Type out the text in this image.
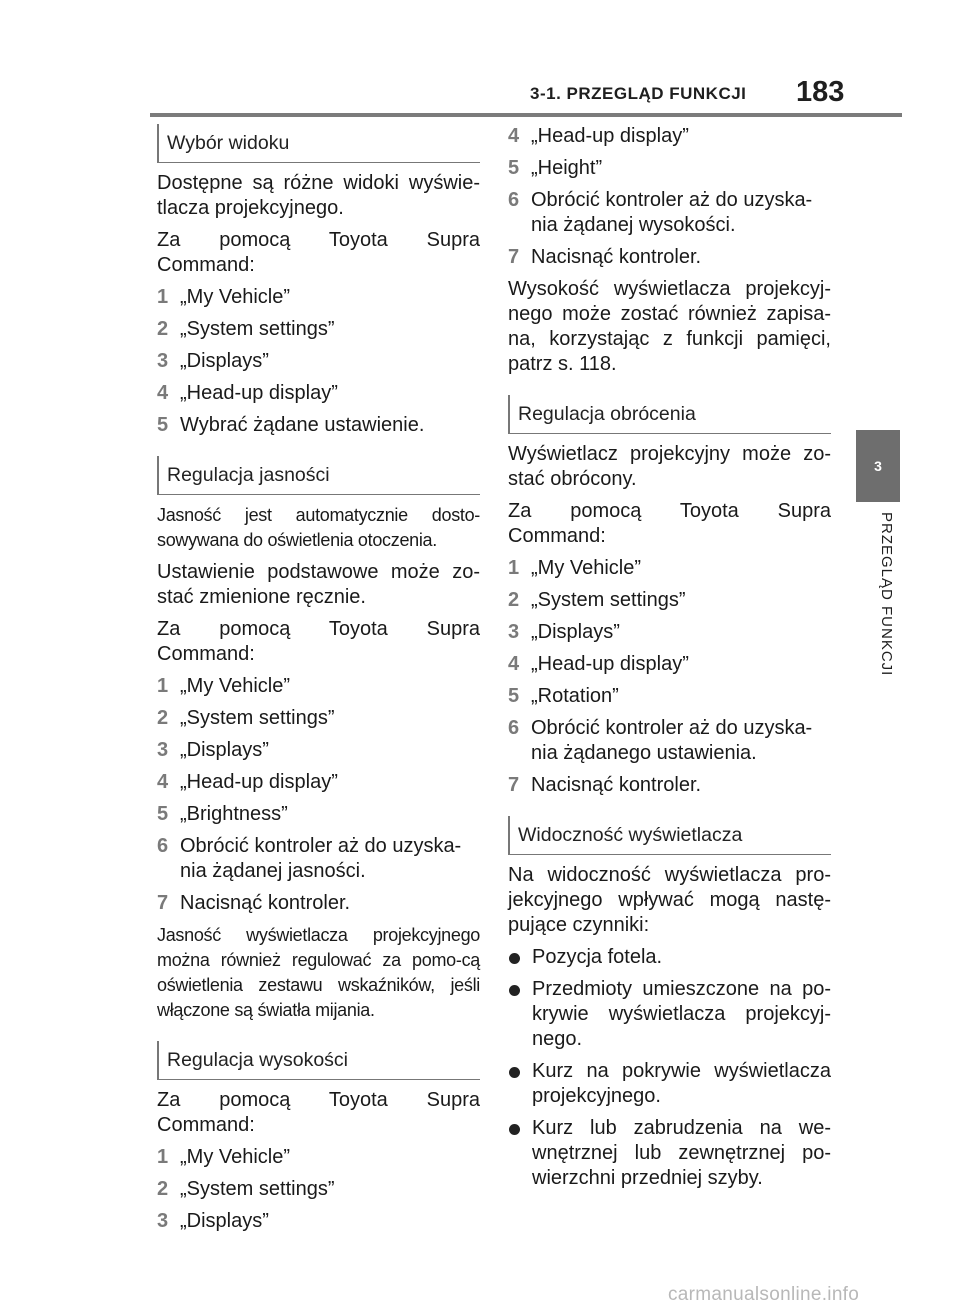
3-1. PRZEGLĄD FUNKCJI 183
3
PRZEGLĄD FUNKCJI
Wybór widoku

Dostępne są różne widoki wyświe-tlacza projekcyjnego.

Za pomocą Toyota Supra Command:

1 „My Vehicle”
2 „System settings”
3 „Displays”
4 „Head-up display”
5 Wybrać żądane ustawienie.
Regulacja jasności

Jasność jest automatycznie dosto-sowywana do oświetlenia otoczenia.

Ustawienie podstawowe może zo-stać zmienione ręcznie.

Za pomocą Toyota Supra Command:

1 „My Vehicle”
2 „System settings”
3 „Displays”
4 „Head-up display”
5 „Brightness”
6 Obrócić kontroler aż do uzyska-nia żądanej jasności.
7 Nacisnąć kontroler.

Jasność wyświetlacza projekcyjnego można również regulować za pomo-cą oświetlenia zestawu wskaźników, jeśli włączone są światła mijania.

Regulacja wysokości

Za pomocą Toyota Supra Command:

1 „My Vehicle”
2 „System settings”
3 „Displays”
4 „Head-up display”
5 „Height”
6 Obrócić kontroler aż do uzyska-nia żądanej wysokości.
7 Nacisnąć kontroler.

Wysokość wyświetlacza projekcyj-nego może zostać również zapisa-na, korzystając z funkcji pamięci, patrz s. 118.

Regulacja obrócenia

Wyświetlacz projekcyjny może zo-stać obrócony.

Za pomocą Toyota Supra Command:

1 „My Vehicle”
2 „System settings”
3 „Displays”
4 „Head-up display”
5 „Rotation”
6 Obrócić kontroler aż do uzyska-nia żądanego ustawienia.
7 Nacisnąć kontroler.
Widoczność wyświetlacza

Na widoczność wyświetlacza pro-jekcyjnego wpływać mogą nastę-pujące czynniki:

Pozycja fotela.
Przedmioty umieszczone na po-krywie wyświetlacza projekcyj-nego.
Kurz na pokrywie wyświetlacza projekcyjnego.
Kurz lub zabrudzenia na we-wnętrznej lub zewnętrznej po-wierzchni przedniej szyby.
carmanualsonline.info
